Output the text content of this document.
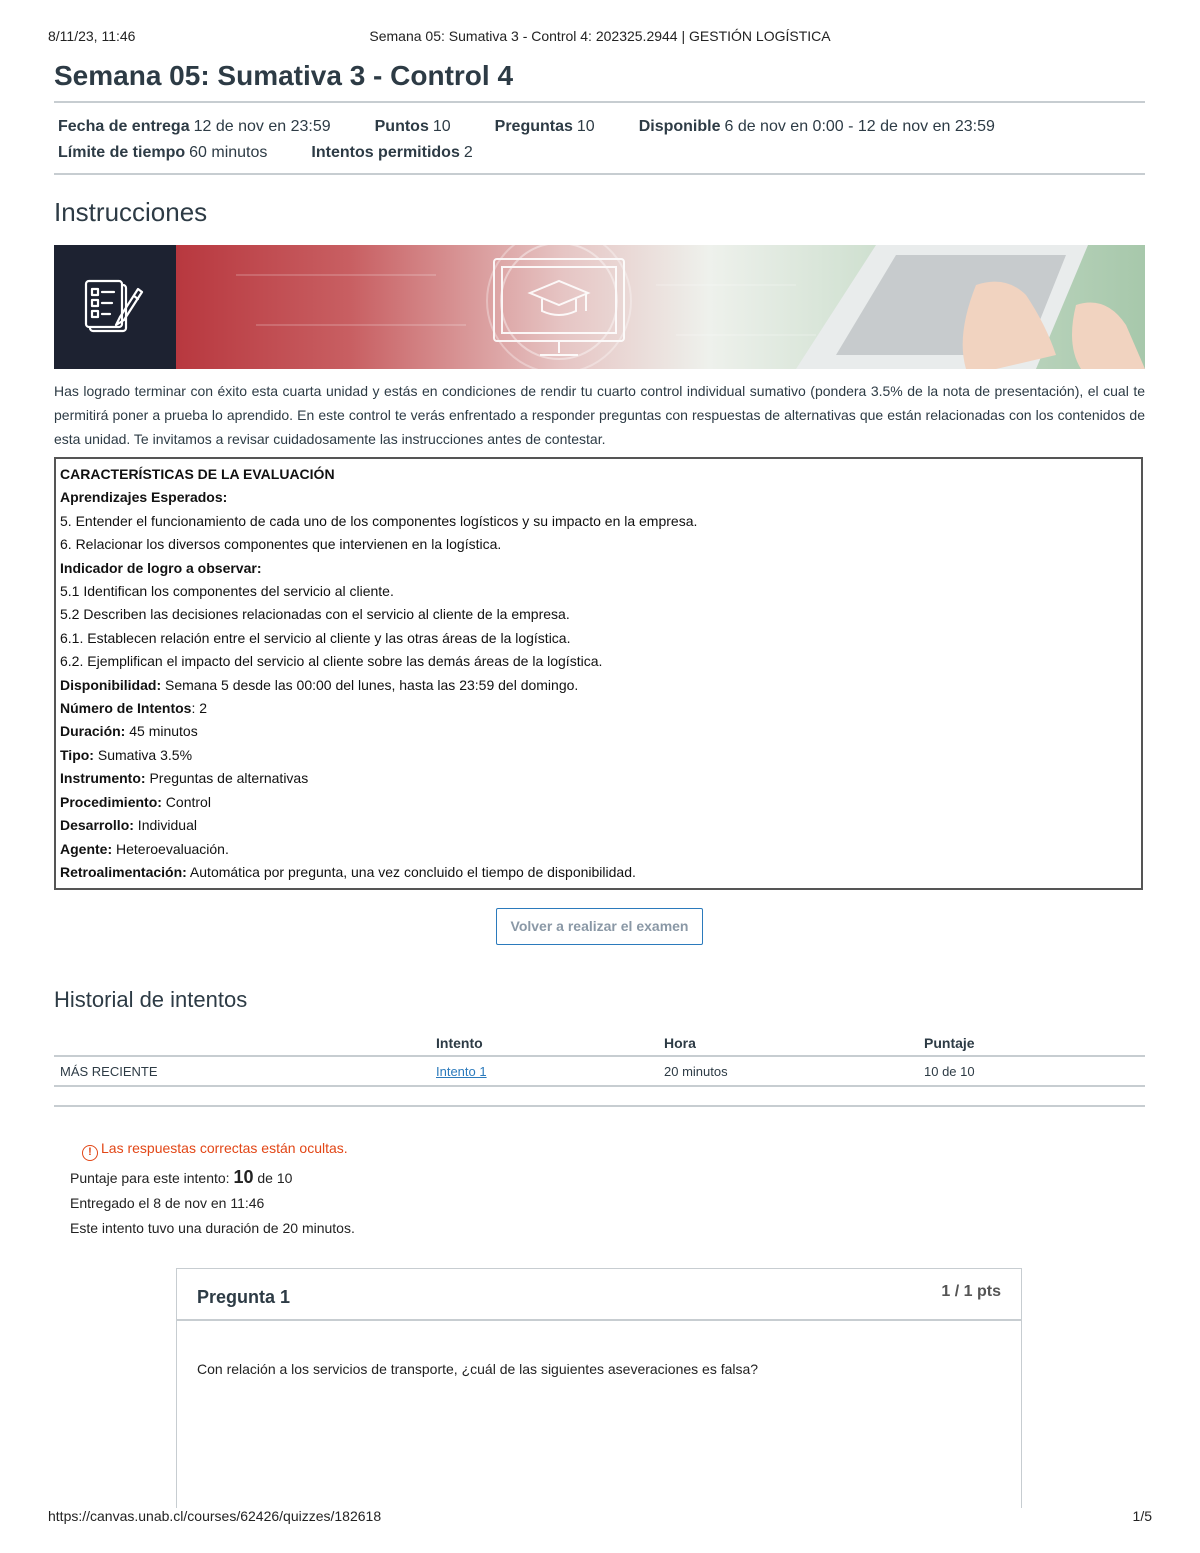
8/11/23, 11:46	Semana 05: Sumativa 3 - Control 4: 202325.2944 | GESTIÓN LOGÍSTICA
Semana 05: Sumativa 3 - Control 4
Fecha de entrega 12 de nov en 23:59	Puntos 10	Preguntas 10	Disponible 6 de nov en 0:00 - 12 de nov en 23:59
Límite de tiempo 60 minutos	Intentos permitidos 2
Instrucciones

Has logrado terminar con éxito esta cuarta unidad y estás en condiciones de rendir tu cuarto control individual sumativo (pondera 3.5% de la nota de presentación), el cual te permitirá poner a prueba lo aprendido. En este control te verás enfrentado a responder preguntas con respuestas de alternativas que están relacionadas con los contenidos de esta unidad. Te invitamos a revisar cuidadosamente las instrucciones antes de contestar.

CARACTERÍSTICAS DE LA EVALUACIÓN
Aprendizajes Esperados:
5. Entender el funcionamiento de cada uno de los componentes logísticos y su impacto en la empresa.
6. Relacionar los diversos componentes que intervienen en la logística.
Indicador de logro a observar:
5.1 Identifican los componentes del servicio al cliente.
5.2 Describen las decisiones relacionadas con el servicio al cliente de la empresa.
6.1. Establecen relación entre el servicio al cliente y las otras áreas de la logística.
6.2. Ejemplifican el impacto del servicio al cliente sobre las demás áreas de la logística.
Disponibilidad: Semana 5 desde las 00:00 del lunes, hasta las 23:59 del domingo.
Número de Intentos: 2
Duración: 45 minutos
Tipo: Sumativa 3.5%
Instrumento: Preguntas de alternativas
Procedimiento: Control
Desarrollo: Individual
Agente: Heteroevaluación.
Retroalimentación: Automática por pregunta, una vez concluido el tiempo de disponibilidad.
Volver a realizar el examen
Historial de intentos
	Intento	Hora	Puntaje
MÁS RECIENTE	Intento 1	20 minutos	10 de 10
! Las respuestas correctas están ocultas.
Puntaje para este intento: 10 de 10
Entregado el 8 de nov en 11:46
Este intento tuvo una duración de 20 minutos.
Pregunta 1	1 / 1 pts
Con relación a los servicios de transporte, ¿cuál de las siguientes aseveraciones es falsa?
https://canvas.unab.cl/courses/62426/quizzes/182618	1/5
